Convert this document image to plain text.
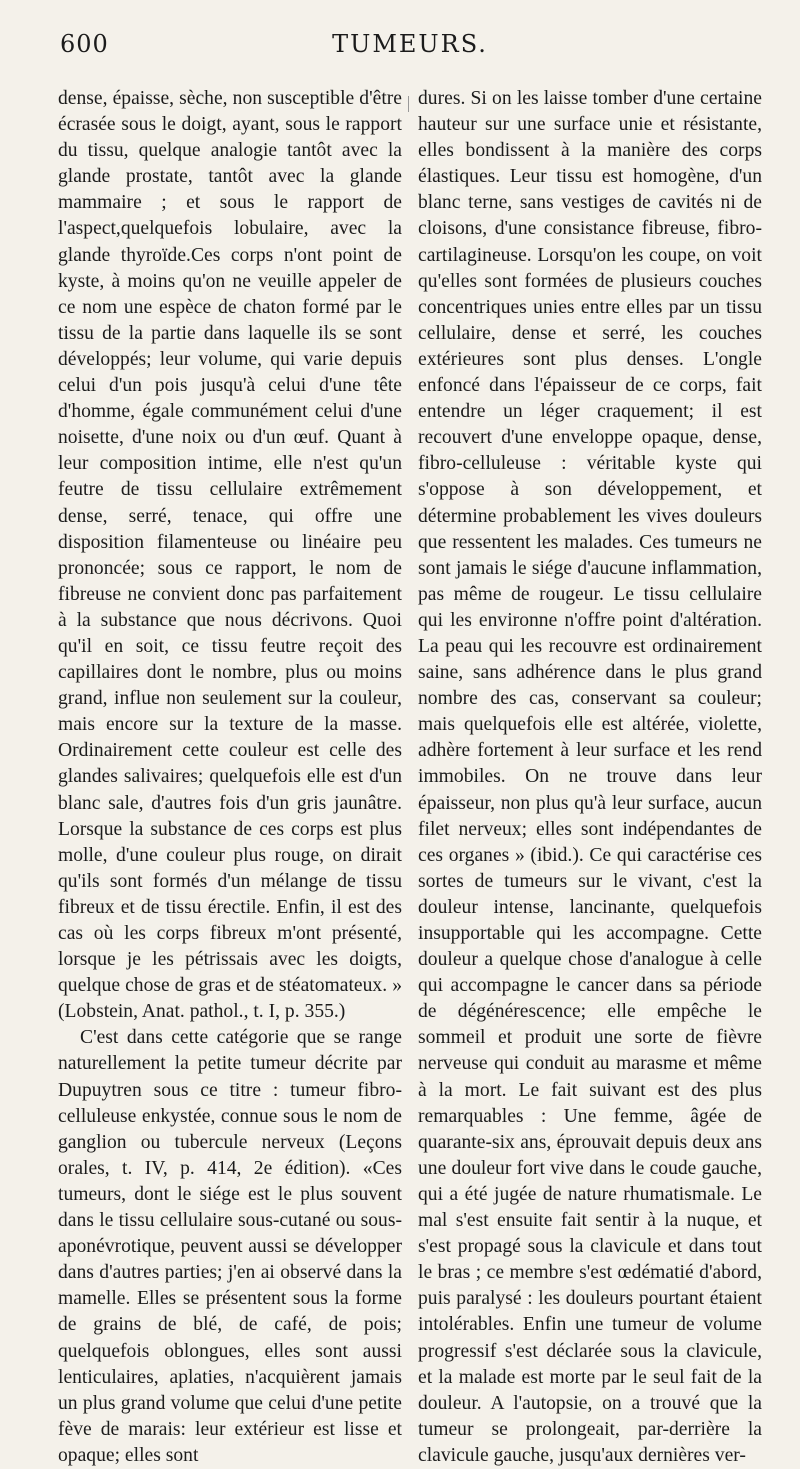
600	TUMEURS.

dense, épaisse, sèche, non susceptible d'être écrasée sous le doigt, ayant, sous le rapport du tissu, quelque analogie tantôt avec la glande prostate, tantôt avec la glande mammaire ; et sous le rapport de l'aspect,quelquefois lobulaire, avec la glande thyroïde.Ces corps n'ont point de kyste, à moins qu'on ne veuille appeler de ce nom une espèce de chaton formé par le tissu de la partie dans laquelle ils se sont développés; leur volume, qui varie depuis celui d'un pois jusqu'à celui d'une tête d'homme, égale communément celui d'une noisette, d'une noix ou d'un œuf. Quant à leur composition intime, elle n'est qu'un feutre de tissu cellulaire extrêmement dense, serré, tenace, qui offre une disposition filamenteuse ou linéaire peu prononcée; sous ce rapport, le nom de fibreuse ne convient donc pas parfaitement à la substance que nous décrivons. Quoi qu'il en soit, ce tissu feutre reçoit des capillaires dont le nombre, plus ou moins grand, influe non seulement sur la couleur, mais encore sur la texture de la masse. Ordinairement cette couleur est celle des glandes salivaires; quelquefois elle est d'un blanc sale, d'autres fois d'un gris jaunâtre. Lorsque la substance de ces corps est plus molle, d'une couleur plus rouge, on dirait qu'ils sont formés d'un mélange de tissu fibreux et de tissu érectile. Enfin, il est des cas où les corps fibreux m'ont présenté, lorsque je les pétrissais avec les doigts, quelque chose de gras et de stéatomateux. » (Lobstein, Anat. pathol., t. I, p. 355.)

C'est dans cette catégorie que se range naturellement la petite tumeur décrite par Dupuytren sous ce titre : tumeur fibro-celluleuse enkystée, connue sous le nom de ganglion ou tubercule nerveux (Leçons orales, t. IV, p. 414, 2e édition). «Ces tumeurs, dont le siége est le plus souvent dans le tissu cellulaire sous-cutané ou sous-aponévrotique, peuvent aussi se développer dans d'autres parties; j'en ai observé dans la mamelle. Elles se présentent sous la forme de grains de blé, de café, de pois; quelquefois oblongues, elles sont aussi lenticulaires, aplaties, n'acquièrent jamais un plus grand volume que celui d'une petite fève de marais: leur extérieur est lisse et opaque; elles sont

dures. Si on les laisse tomber d'une certaine hauteur sur une surface unie et résistante, elles bondissent à la manière des corps élastiques. Leur tissu est homogène, d'un blanc terne, sans vestiges de cavités ni de cloisons, d'une consistance fibreuse, fibro-cartilagineuse. Lorsqu'on les coupe, on voit qu'elles sont formées de plusieurs couches concentriques unies entre elles par un tissu cellulaire, dense et serré, les couches extérieures sont plus denses. L'ongle enfoncé dans l'épaisseur de ce corps, fait entendre un léger craquement; il est recouvert d'une enveloppe opaque, dense, fibro-celluleuse : véritable kyste qui s'oppose à son développement, et détermine probablement les vives douleurs que ressentent les malades. Ces tumeurs ne sont jamais le siége d'aucune inflammation, pas même de rougeur. Le tissu cellulaire qui les environne n'offre point d'altération. La peau qui les recouvre est ordinairement saine, sans adhérence dans le plus grand nombre des cas, conservant sa couleur; mais quelquefois elle est altérée, violette, adhère fortement à leur surface et les rend immobiles. On ne trouve dans leur épaisseur, non plus qu'à leur surface, aucun filet nerveux; elles sont indépendantes de ces organes » (ibid.). Ce qui caractérise ces sortes de tumeurs sur le vivant, c'est la douleur intense, lancinante, quelquefois insupportable qui les accompagne. Cette douleur a quelque chose d'analogue à celle qui accompagne le cancer dans sa période de dégénérescence; elle empêche le sommeil et produit une sorte de fièvre nerveuse qui conduit au marasme et même à la mort. Le fait suivant est des plus remarquables : Une femme, âgée de quarante-six ans, éprouvait depuis deux ans une douleur fort vive dans le coude gauche, qui a été jugée de nature rhumatismale. Le mal s'est ensuite fait sentir à la nuque, et s'est propagé sous la clavicule et dans tout le bras ; ce membre s'est œdématié d'abord, puis paralysé : les douleurs pourtant étaient intolérables. Enfin une tumeur de volume progressif s'est déclarée sous la clavicule, et la malade est morte par le seul fait de la douleur. A l'autopsie, on a trouvé que la tumeur se prolongeait, par-derrière la clavicule gauche, jusqu'aux dernières ver-
